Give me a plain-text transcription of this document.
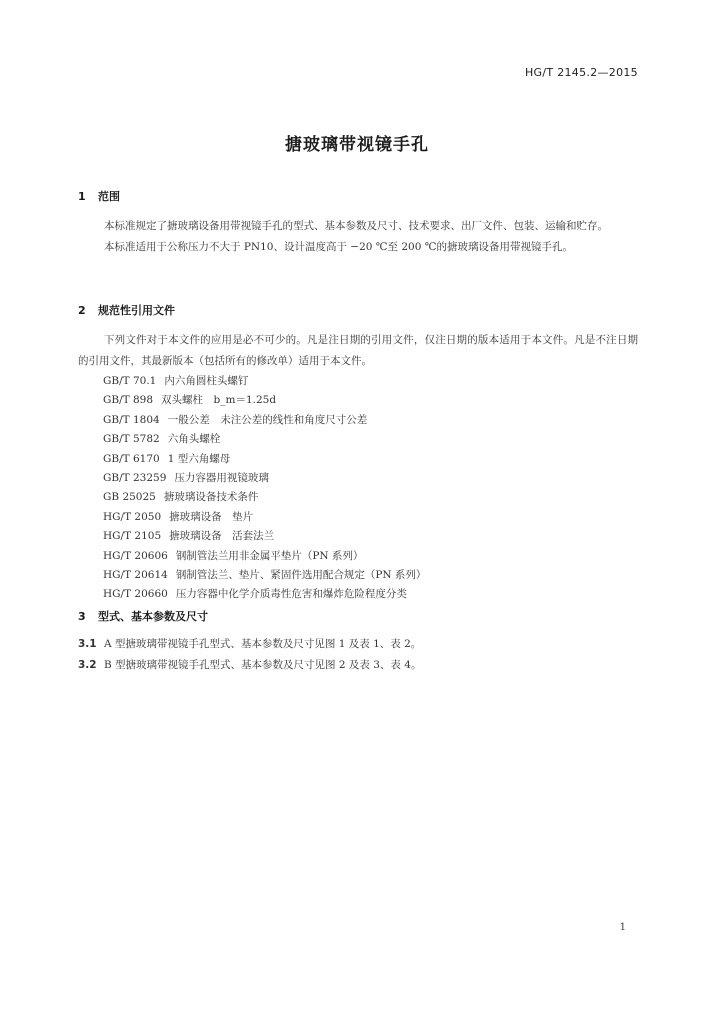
HG/T 2145.2—2015
搪玻璃带视镜手孔
1 范围

本标准规定了搪玻璃设备用带视镜手孔的型式、基本参数及尺寸、技术要求、出厂文件、包装、运输和贮存。

本标准适用于公称压力不大于 PN10、设计温度高于 −20 ℃至 200 ℃的搪玻璃设备用带视镜手孔。

2 规范性引用文件

下列文件对于本文件的应用是必不可少的。凡是注日期的引用文件，仅注日期的版本适用于本文件。凡是不注日期的引用文件，其最新版本（包括所有的修改单）适用于本文件。

GB/T 70.1 内六角圆柱头螺钉
GB/T 898 双头螺柱　b_m＝1.25d
GB/T 1804 一般公差　未注公差的线性和角度尺寸公差
GB/T 5782 六角头螺栓
GB/T 6170 1 型六角螺母
GB/T 23259 压力容器用视镜玻璃
GB 25025 搪玻璃设备技术条件
HG/T 2050 搪玻璃设备　垫片
HG/T 2105 搪玻璃设备　活套法兰
HG/T 20606 钢制管法兰用非金属平垫片（PN 系列）
HG/T 20614 钢制管法兰、垫片、紧固件选用配合规定（PN 系列）
HG/T 20660 压力容器中化学介质毒性危害和爆炸危险程度分类
3 型式、基本参数及尺寸
3.1 A 型搪玻璃带视镜手孔型式、基本参数及尺寸见图 1 及表 1、表 2。
3.2 B 型搪玻璃带视镜手孔型式、基本参数及尺寸见图 2 及表 3、表 4。
1
